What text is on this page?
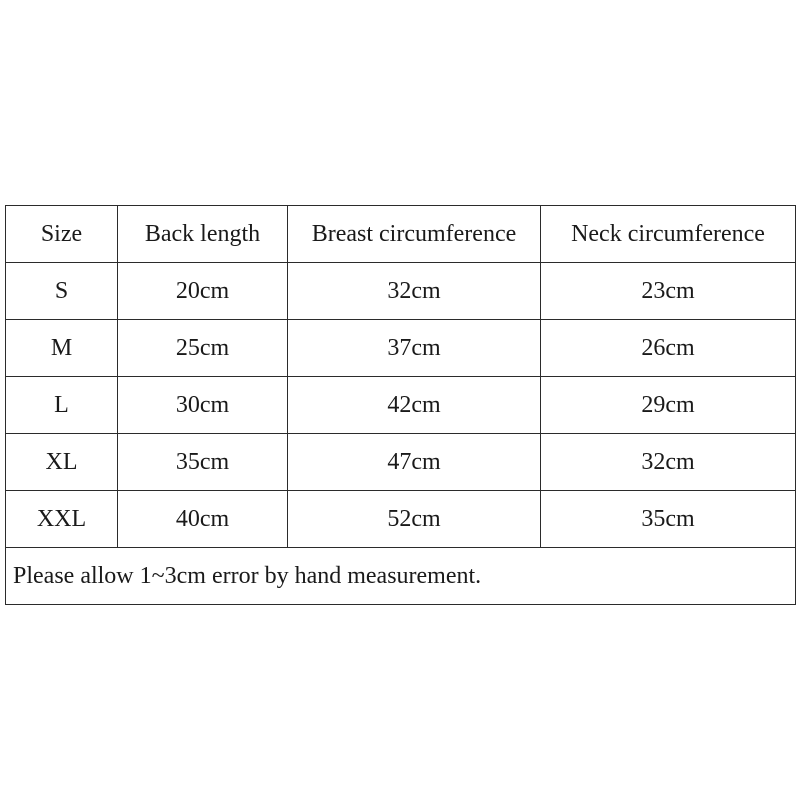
Size	Back length	Breast circumference	Neck circumference
S	20cm	32cm	23cm
M	25cm	37cm	26cm
L	30cm	42cm	29cm
XL	35cm	47cm	32cm
XXL	40cm	52cm	35cm
Please allow 1~3cm error by hand measurement.			
